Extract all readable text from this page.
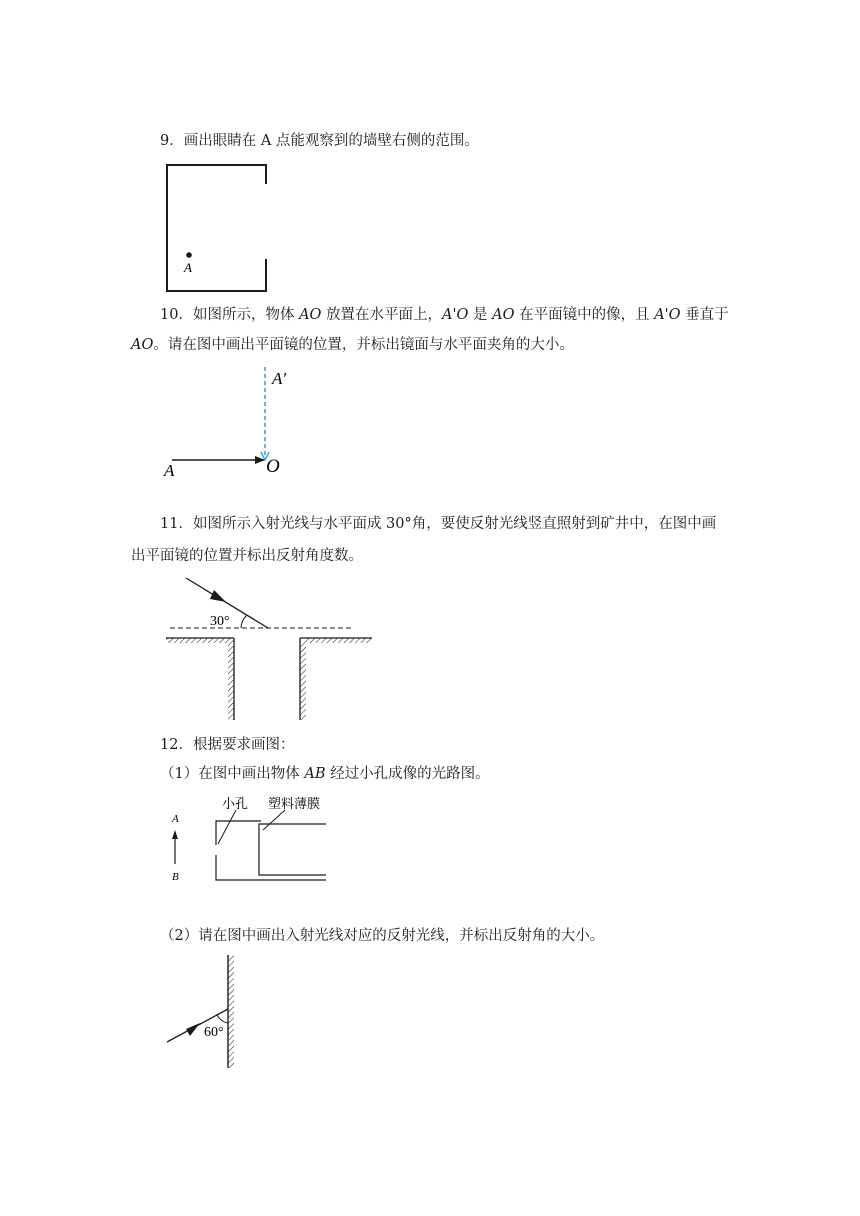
9．画出眼睛在 A 点能观察到的墙壁右侧的范围。
A
10．如图所示，物体 AO 放置在水平面上，A'O 是 AO 在平面镜中的像，且 A'O 垂直于
AO。请在图中画出平面镜的位置，并标出镜面与水平面夹角的大小。
A′
A	O
11．如图所示入射光线与水平面成 30°角，要使反射光线竖直照射到矿井中，在图中画
出平面镜的位置并标出反射角度数。
30°
12．根据要求画图：
（1）在图中画出物体 AB 经过小孔成像的光路图。
A
B
小孔 塑料薄膜
（2）请在图中画出入射光线对应的反射光线，并标出反射角的大小。
60°
